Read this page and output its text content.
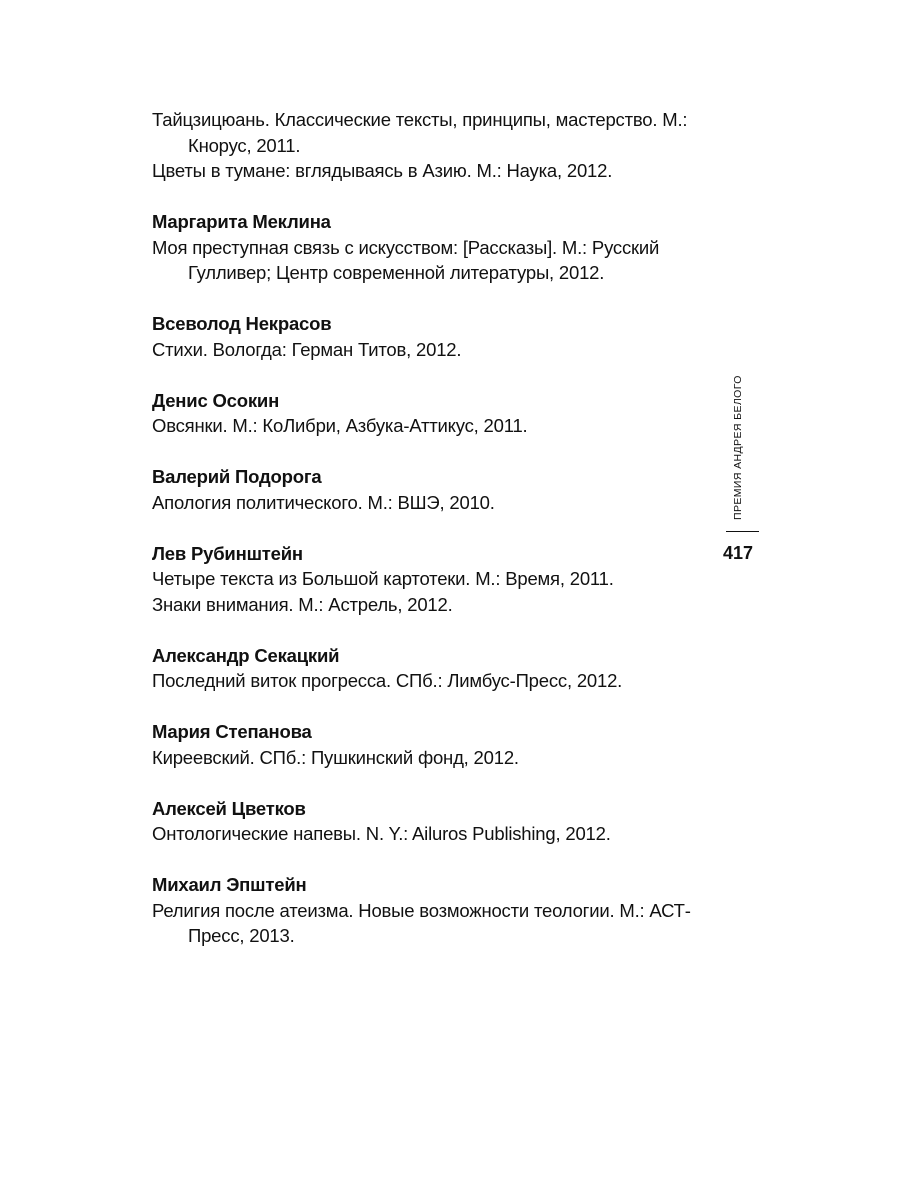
Тайцзицюань. Классические тексты, принципы, мастерство. М.: Кнорус, 2011.

Цветы в тумане: вглядываясь в Азию. М.: Наука, 2012.

Маргарита Меклина

Моя преступная связь с искусством: [Рассказы]. М.: Русский Гулливер; Центр современной литературы, 2012.

Всеволод Некрасов

Стихи. Вологда: Герман Титов, 2012.

Денис Осокин

Овсянки. М.: КоЛибри, Азбука-Аттикус, 2011.

Валерий Подорога

Апология политического. М.: ВШЭ, 2010.

Лев Рубинштейн

Четыре текста из Большой картотеки. М.: Время, 2011.

Знаки внимания. М.: Астрель, 2012.

Александр Секацкий

Последний виток прогресса. СПб.: Лимбус-Пресс, 2012.

Мария Степанова

Киреевский. СПб.: Пушкинский фонд, 2012.

Алексей Цветков

Онтологические напевы. N. Y.: Ailuros Publishing, 2012.

Михаил Эпштейн

Религия после атеизма. Новые возможности теологии. М.: АСТ-Пресс, 2013.

ПРЕМИЯ АНДРЕЯ БЕЛОГО
417
